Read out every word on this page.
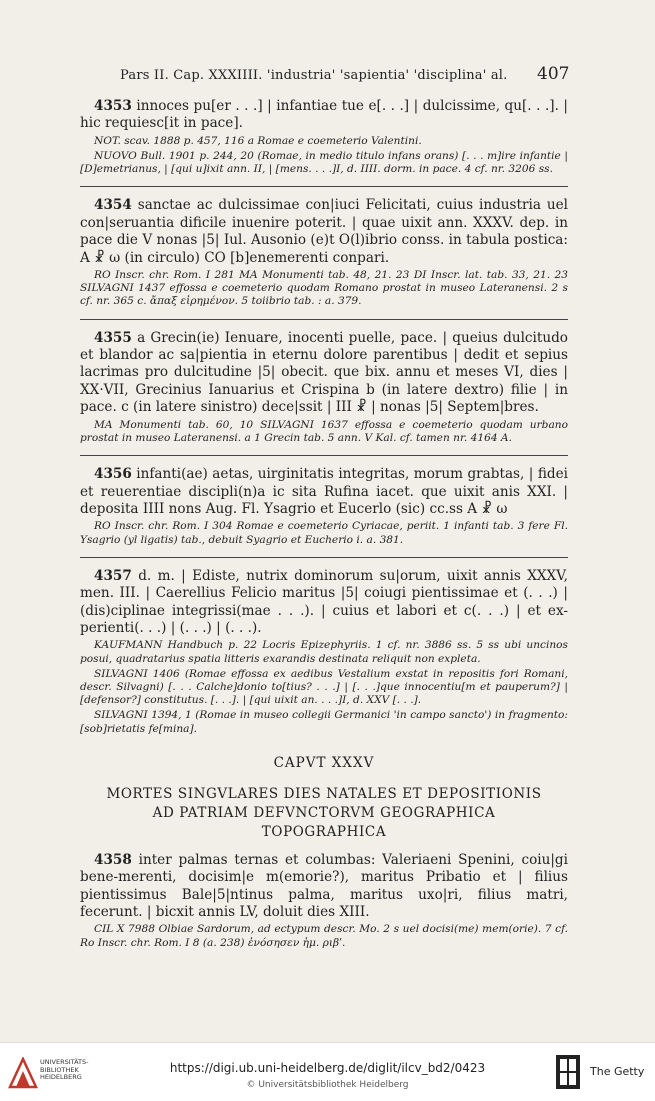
Pars II. Cap. XXXIIII. 'industria' 'sapientia' 'disciplina' al. 407

4353 innoces pu[er . . .] | infantiae tue e[. . .] | dulcissime, qu[. . .]. | hic requiesc[it in pace].

NOT. scav. 1888 p. 457, 116 a Romae e coemeterio Valentini.

NUOVO Bull. 1901 p. 244, 20 (Romae, in medio titulo infans orans) [. . . m]ire infantie | [D]emetrianus, | [qui u]ixit ann. II, | [mens. . . .]I, d. IIII. dorm. in pace. 4 cf. nr. 3206 ss.

4354 sanctae ac dulcissimae con|iuci Felicitati, cuius industria uel con|seruantia dificile inuenire poterit. | quae uixit ann. XXXV. dep. in pace die V nonas |5| Iul. Ausonio (e)t O(l)ibrio conss. in tabula postica: A ☧ ω (in circulo) CO [b]enemerenti conpari.

RO Inscr. chr. Rom. I 281 MA Monumenti tab. 48, 21. 23 DI Inscr. lat. tab. 33, 21. 23 SILVAGNI 1437 effossa e coemeterio quodam Romano prostat in museo Lateranensi. 2 s cf. nr. 365 c. ἄπαξ εἰρημένον. 5 toiibrio tab. : a. 379.

4355 a Grecin(ie) Ienuare, inocenti puelle, pace. | queius dulcitudo et blandor ac sa|pientia in eternu dolore parentibus | dedit et sepius lacrimas pro dulcitudine |5| obecit. que bix. annu et meses VI, dies | XX·VII, Grecinius Ianuarius et Crispina b (in latere dextro) filie | in pace. c (in latere sinistro) dece|ssit | III ☧ | nonas |5| Septem|bres.

MA Monumenti tab. 60, 10 SILVAGNI 1637 effossa e coemeterio quodam urbano prostat in museo Lateranensi. a 1 Grecin tab. 5 ann. V Kal. cf. tamen nr. 4164 A.

4356 infanti(ae) aetas, uirginitatis integritas, morum grabtas, | fidei et reuerentiae discipli(n)a ic sita Rufina iacet. que uixit anis XXI. | deposita IIII nons Aug. Fl. Ysagrio et Eucerlo (sic) cc.ss A ☧ ω

RO Inscr. chr. Rom. I 304 Romae e coemeterio Cyriacae, periit. 1 infanti tab. 3 fere Fl. Ysagrio (yl ligatis) tab., debuit Syagrio et Eucherio i. a. 381.

4357 d. m. | Ediste, nutrix dominorum su|orum, uixit annis XXXV, men. III. | Caerellius Felicio maritus |5| coiugi pientissimae et (. . .) | (dis)ciplinae integrissi(mae . . .). | cuius et labori et c(. . .) | et ex-perienti(. . .) | (. . .) | (. . .).

KAUFMANN Handbuch p. 22 Locris Epizephyriis. 1 cf. nr. 3886 ss. 5 ss ubi uncinos posui, quadratarius spatia litteris exarandis destinata reliquit non expleta.

SILVAGNI 1406 (Romae effossa ex aedibus Vestalium exstat in repositis fori Romani, descr. Silvagni) [. . . Calche]donio to[tius? . . .] | [. . .]que innocentiu[m et pauperum?] | [defensor?] constitutus. [. . .]. | [qui uixit an. . . .]I, d. XXV [. . .].

SILVAGNI 1394, 1 (Romae in museo collegii Germanici 'in campo sancto') in fragmento: [sob]rietatis fe[mina].

CAPVT XXXV
MORTES SINGVLARES DIES NATALES ET DEPOSITIONIS
AD PATRIAM DEFVNCTORVM GEOGRAPHICA
TOPOGRAPHICA

4358 inter palmas ternas et columbas: Valeriaeni Spenini, coiu|gi bene-merenti, docisim|e m(emorie?), maritus Pribatio et | filius pientissimus Bale|5|ntinus palma, maritus uxo|ri, filius matri, fecerunt. | bicxit annis LV, doluit dies XIII.

CIL X 7988 Olbiae Sardorum, ad ectypum descr. Mo. 2 s uel docisi(me) mem(orie). 7 cf. Ro Inscr. chr. Rom. I 8 (a. 238) ἐνόσησεν ἡμ. ριβʹ.

UNIVERSITÄTS-
BIBLIOTHEK
HEIDELBERG
https://digi.ub.uni-heidelberg.de/diglit/ilcv_bd2/0423
© Universitätsbibliothek Heidelberg
The Getty
